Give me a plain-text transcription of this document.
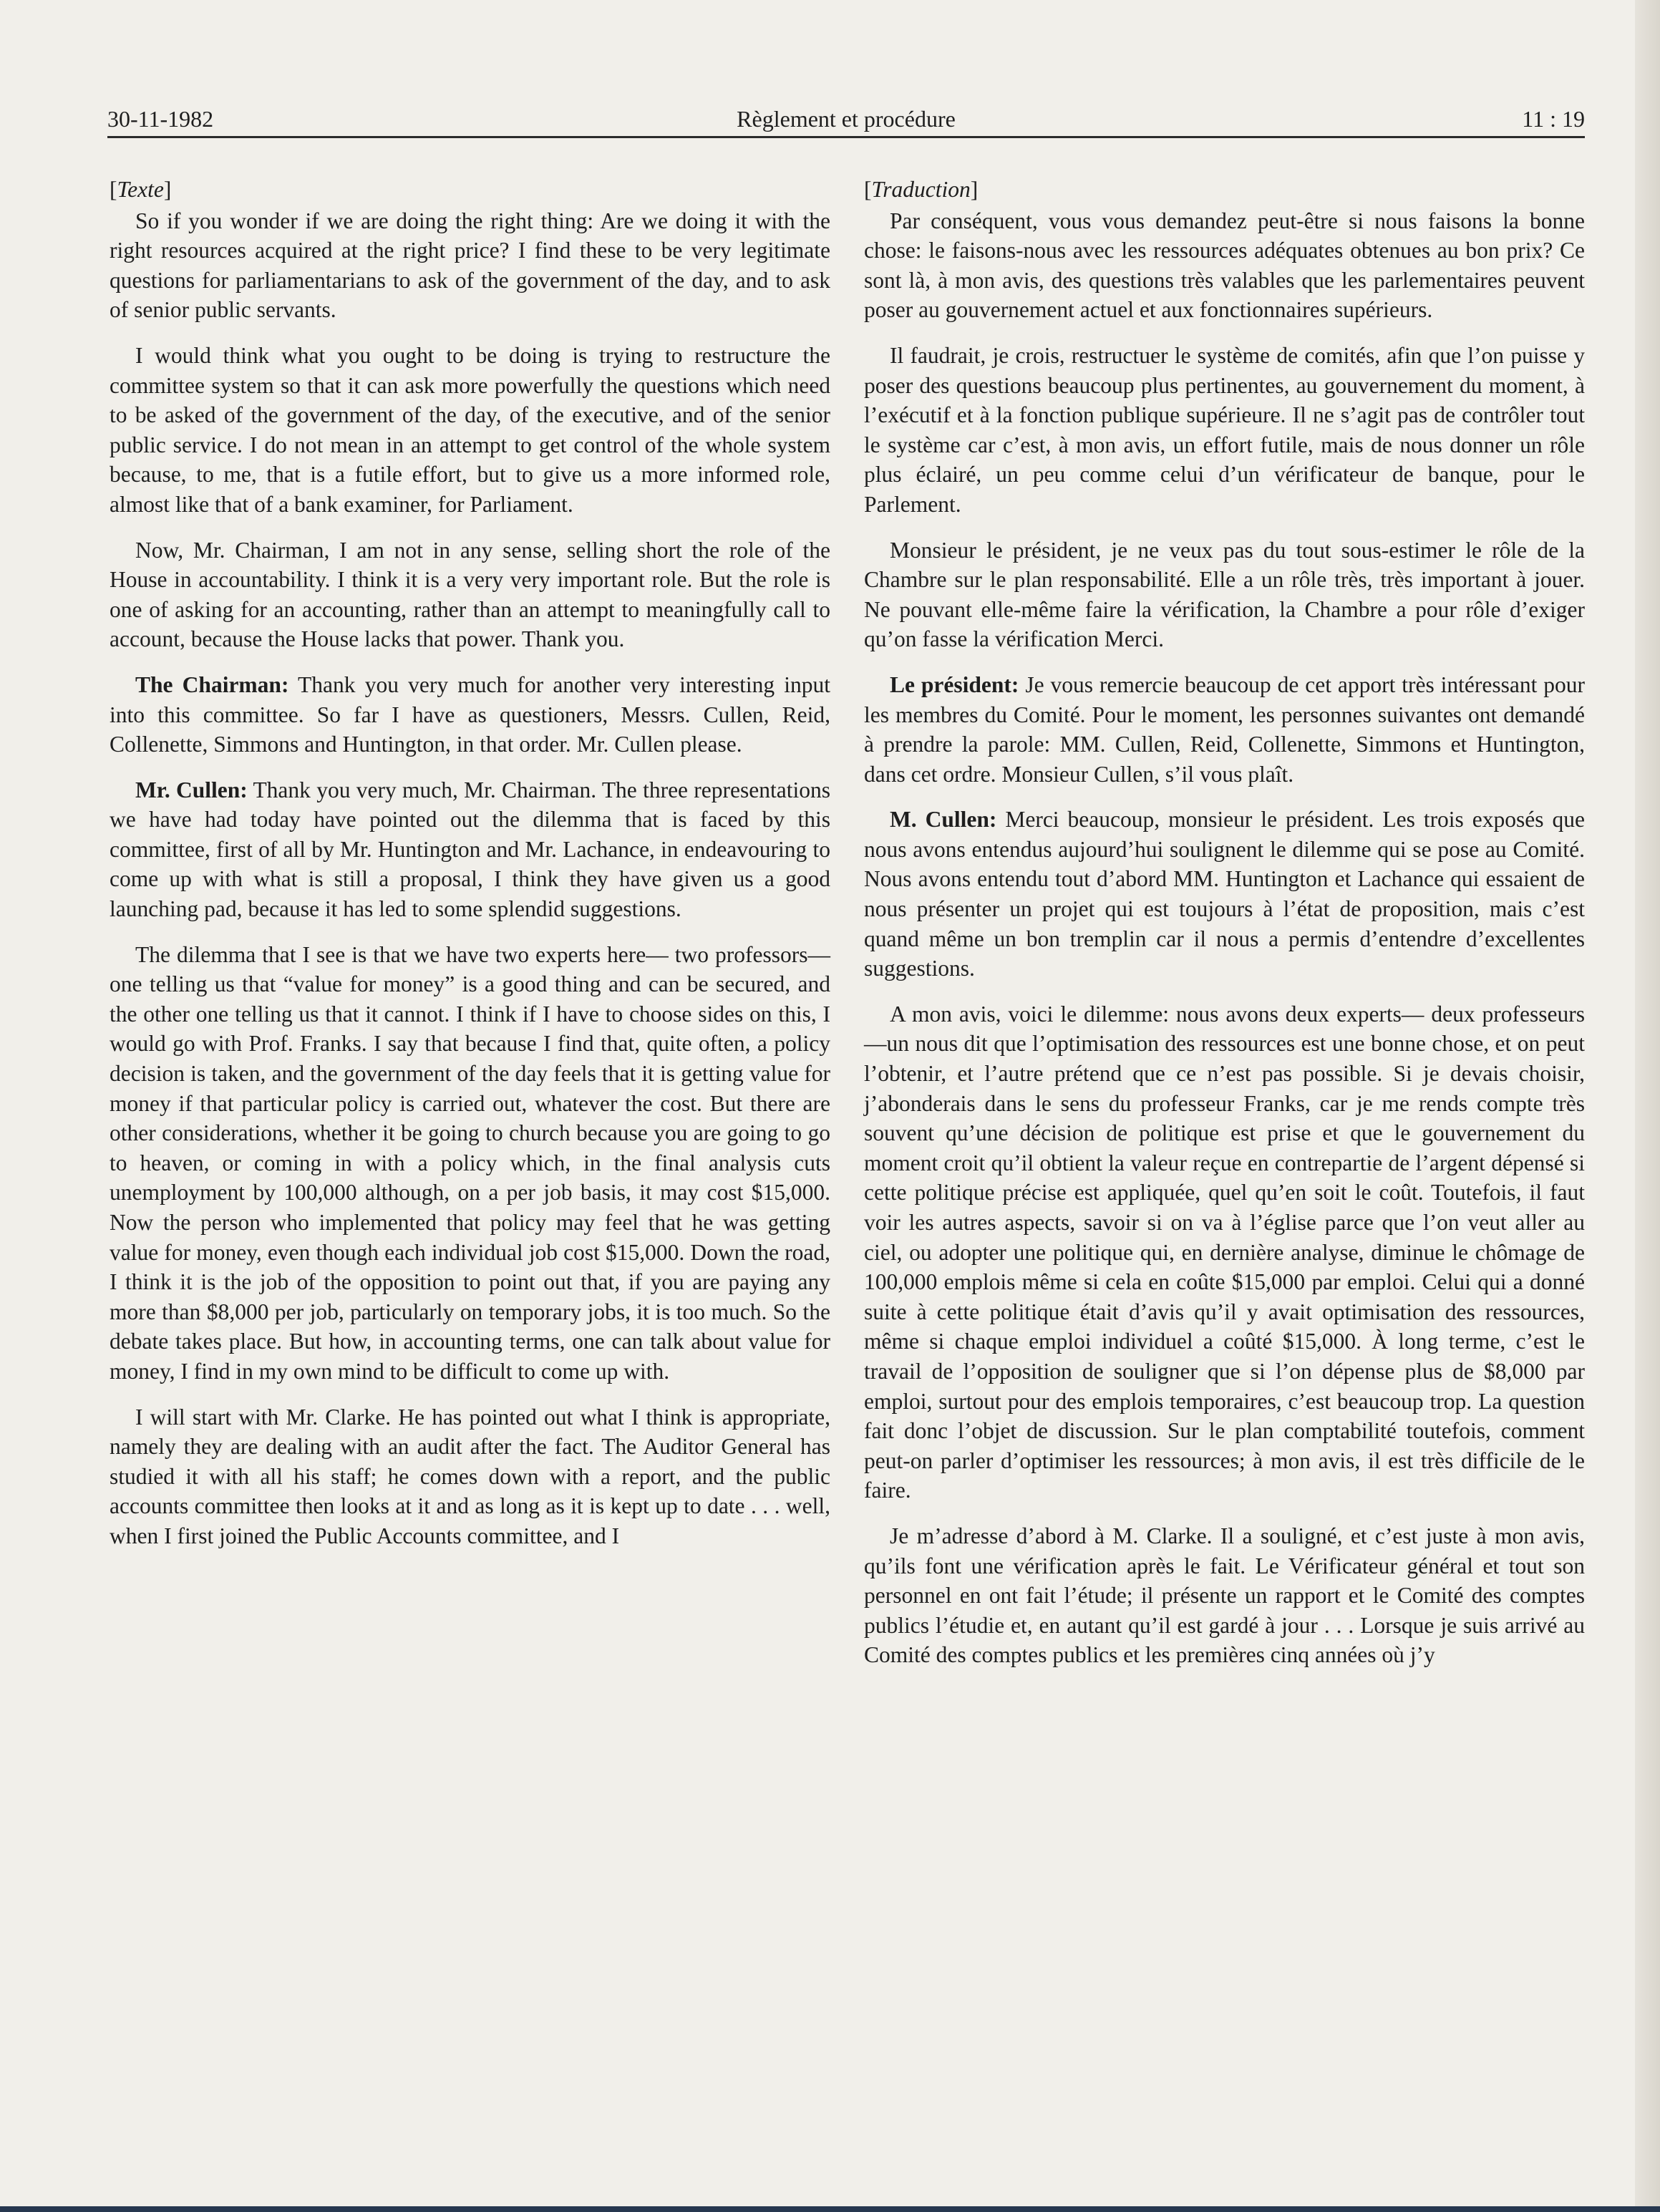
30-11-1982	Règlement et procédure	11 : 19
[Texte]

So if you wonder if we are doing the right thing: Are we doing it with the right resources acquired at the right price? I find these to be very legitimate questions for parliamentarians to ask of the government of the day, and to ask of senior public servants.

I would think what you ought to be doing is trying to restructure the committee system so that it can ask more powerfully the questions which need to be asked of the government of the day, of the executive, and of the senior public service. I do not mean in an attempt to get control of the whole system because, to me, that is a futile effort, but to give us a more informed role, almost like that of a bank examiner, for Parliament.

Now, Mr. Chairman, I am not in any sense, selling short the role of the House in accountability. I think it is a very very important role. But the role is one of asking for an accounting, rather than an attempt to meaningfully call to account, because the House lacks that power. Thank you.

The Chairman: Thank you very much for another very interesting input into this committee. So far I have as questioners, Messrs. Cullen, Reid, Collenette, Simmons and Huntington, in that order. Mr. Cullen please.

Mr. Cullen: Thank you very much, Mr. Chairman. The three representations we have had today have pointed out the dilemma that is faced by this committee, first of all by Mr. Huntington and Mr. Lachance, in endeavouring to come up with what is still a proposal, I think they have given us a good launching pad, because it has led to some splendid suggestions.

The dilemma that I see is that we have two experts here— two professors—one telling us that “value for money” is a good thing and can be secured, and the other one telling us that it cannot. I think if I have to choose sides on this, I would go with Prof. Franks. I say that because I find that, quite often, a policy decision is taken, and the government of the day feels that it is getting value for money if that particular policy is carried out, whatever the cost. But there are other considerations, whether it be going to church because you are going to go to heaven, or coming in with a policy which, in the final analysis cuts unemployment by 100,000 although, on a per job basis, it may cost $15,000. Now the person who implemented that policy may feel that he was getting value for money, even though each individual job cost $15,000. Down the road, I think it is the job of the opposition to point out that, if you are paying any more than $8,000 per job, particularly on temporary jobs, it is too much. So the debate takes place. But how, in accounting terms, one can talk about value for money, I find in my own mind to be difficult to come up with.

I will start with Mr. Clarke. He has pointed out what I think is appropriate, namely they are dealing with an audit after the fact. The Auditor General has studied it with all his staff; he comes down with a report, and the public accounts committee then looks at it and as long as it is kept up to date . . . well, when I first joined the Public Accounts committee, and I

[Traduction]

Par conséquent, vous vous demandez peut-être si nous faisons la bonne chose: le faisons-nous avec les ressources adéquates obtenues au bon prix? Ce sont là, à mon avis, des questions très valables que les parlementaires peuvent poser au gouvernement actuel et aux fonctionnaires supérieurs.

Il faudrait, je crois, restructuer le système de comités, afin que l’on puisse y poser des questions beaucoup plus pertinentes, au gouvernement du moment, à l’exécutif et à la fonction publique supérieure. Il ne s’agit pas de contrôler tout le système car c’est, à mon avis, un effort futile, mais de nous donner un rôle plus éclairé, un peu comme celui d’un vérificateur de banque, pour le Parlement.

Monsieur le président, je ne veux pas du tout sous-estimer le rôle de la Chambre sur le plan responsabilité. Elle a un rôle très, très important à jouer. Ne pouvant elle-même faire la vérification, la Chambre a pour rôle d’exiger qu’on fasse la vérification Merci.

Le président: Je vous remercie beaucoup de cet apport très intéressant pour les membres du Comité. Pour le moment, les personnes suivantes ont demandé à prendre la parole: MM. Cullen, Reid, Collenette, Simmons et Huntington, dans cet ordre. Monsieur Cullen, s’il vous plaît.

M. Cullen: Merci beaucoup, monsieur le président. Les trois exposés que nous avons entendus aujourd’hui soulignent le dilemme qui se pose au Comité. Nous avons entendu tout d’abord MM. Huntington et Lachance qui essaient de nous présenter un projet qui est toujours à l’état de proposition, mais c’est quand même un bon tremplin car il nous a permis d’entendre d’excellentes suggestions.

A mon avis, voici le dilemme: nous avons deux experts— deux professeurs—un nous dit que l’optimisation des ressources est une bonne chose, et on peut l’obtenir, et l’autre prétend que ce n’est pas possible. Si je devais choisir, j’abonderais dans le sens du professeur Franks, car je me rends compte très souvent qu’une décision de politique est prise et que le gouvernement du moment croit qu’il obtient la valeur reçue en contrepartie de l’argent dépensé si cette politique précise est appliquée, quel qu’en soit le coût. Toutefois, il faut voir les autres aspects, savoir si on va à l’église parce que l’on veut aller au ciel, ou adopter une politique qui, en dernière analyse, diminue le chômage de 100,000 emplois même si cela en coûte $15,000 par emploi. Celui qui a donné suite à cette politique était d’avis qu’il y avait optimisation des ressources, même si chaque emploi individuel a coûté $15,000. À long terme, c’est le travail de l’opposition de souligner que si l’on dépense plus de $8,000 par emploi, surtout pour des emplois temporaires, c’est beaucoup trop. La question fait donc l’objet de discussion. Sur le plan comptabilité toutefois, comment peut-on parler d’optimiser les ressources; à mon avis, il est très difficile de le faire.

Je m’adresse d’abord à M. Clarke. Il a souligné, et c’est juste à mon avis, qu’ils font une vérification après le fait. Le Vérificateur général et tout son personnel en ont fait l’étude; il présente un rapport et le Comité des comptes publics l’étudie et, en autant qu’il est gardé à jour . . . Lorsque je suis arrivé au Comité des comptes publics et les premières cinq années où j’y
